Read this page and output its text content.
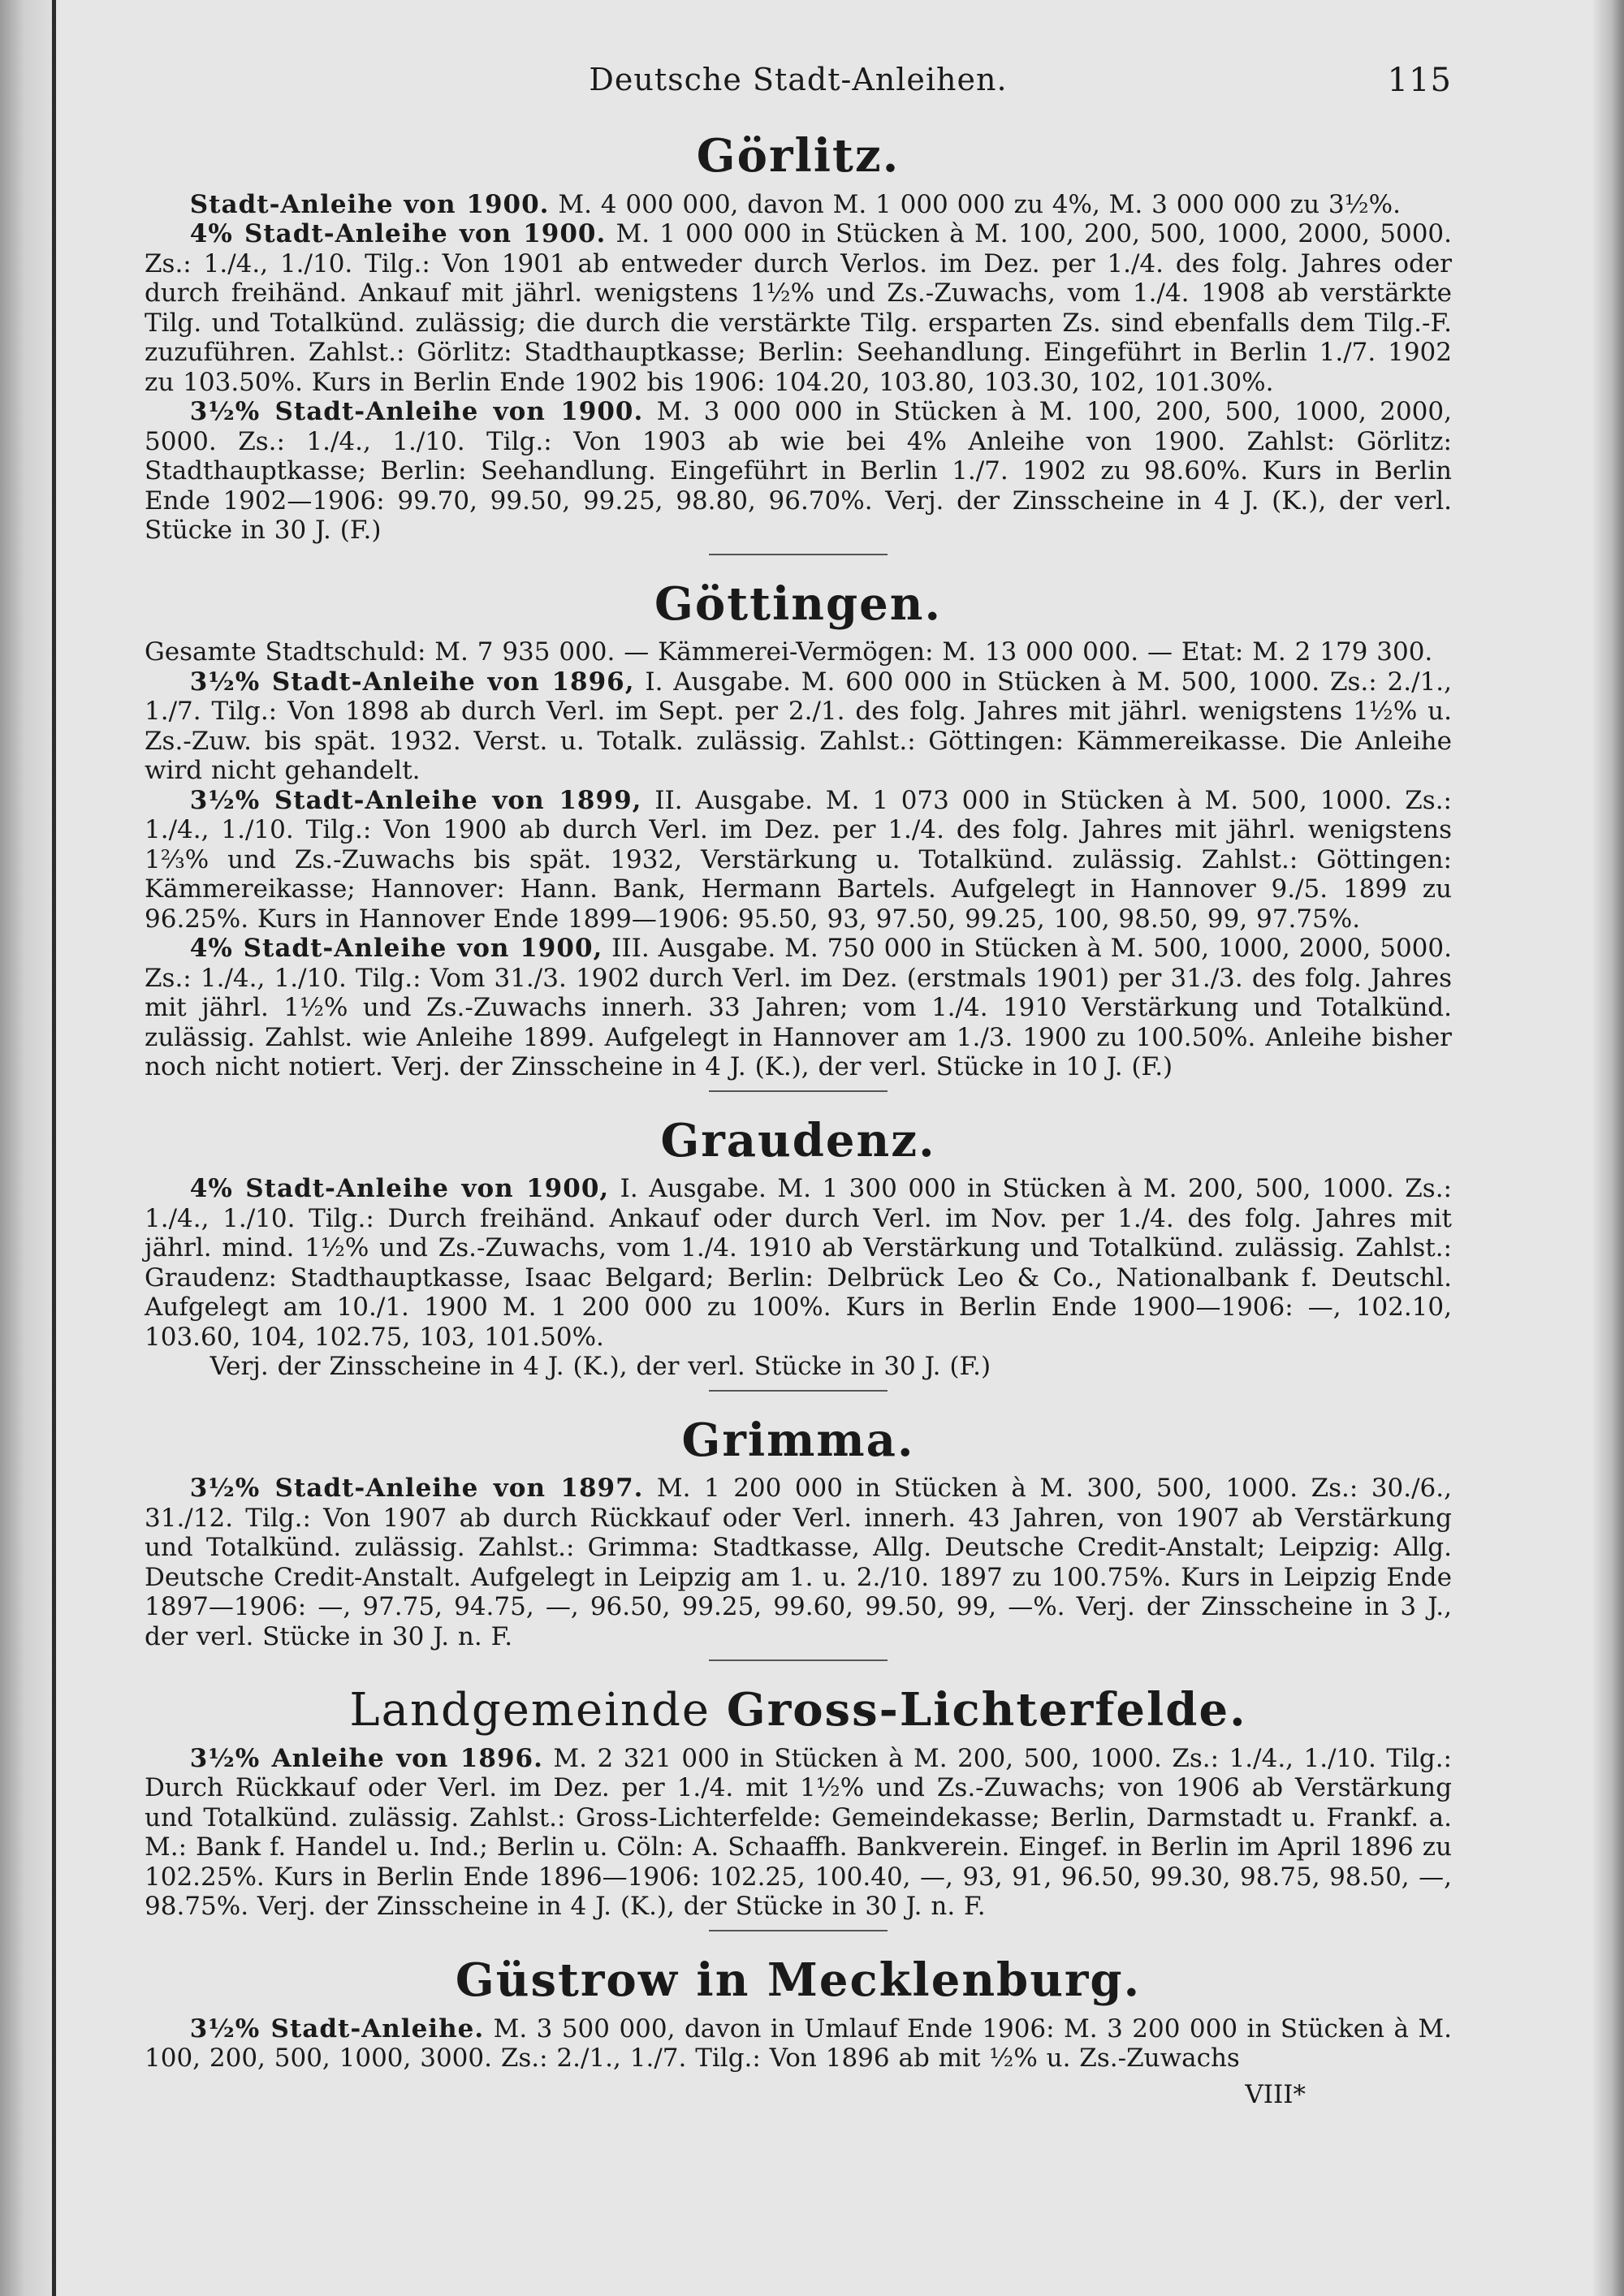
Deutsche Stadt-Anleihen.	115
Görlitz.

Stadt-Anleihe von 1900. M. 4 000 000, davon M. 1 000 000 zu 4%, M. 3 000 000 zu 3½%.

4% Stadt-Anleihe von 1900. M. 1 000 000 in Stücken à M. 100, 200, 500, 1000, 2000, 5000. Zs.: 1./4., 1./10. Tilg.: Von 1901 ab entweder durch Verlos. im Dez. per 1./4. des folg. Jahres oder durch freihänd. Ankauf mit jährl. wenigstens 1½% und Zs.-Zuwachs, vom 1./4. 1908 ab verstärkte Tilg. und Totalkünd. zulässig; die durch die verstärkte Tilg. ersparten Zs. sind ebenfalls dem Tilg.-F. zuzuführen. Zahlst.: Görlitz: Stadthauptkasse; Berlin: Seehandlung. Eingeführt in Berlin 1./7. 1902 zu 103.50%. Kurs in Berlin Ende 1902 bis 1906: 104.20, 103.80, 103.30, 102, 101.30%.

3½% Stadt-Anleihe von 1900. M. 3 000 000 in Stücken à M. 100, 200, 500, 1000, 2000, 5000. Zs.: 1./4., 1./10. Tilg.: Von 1903 ab wie bei 4% Anleihe von 1900. Zahlst: Görlitz: Stadthauptkasse; Berlin: Seehandlung. Eingeführt in Berlin 1./7. 1902 zu 98.60%. Kurs in Berlin Ende 1902—1906: 99.70, 99.50, 99.25, 98.80, 96.70%. Verj. der Zinsscheine in 4 J. (K.), der verl. Stücke in 30 J. (F.)

Göttingen.

Gesamte Stadtschuld: M. 7 935 000. — Kämmerei-Vermögen: M. 13 000 000. — Etat: M. 2 179 300.

3½% Stadt-Anleihe von 1896, I. Ausgabe. M. 600 000 in Stücken à M. 500, 1000. Zs.: 2./1., 1./7. Tilg.: Von 1898 ab durch Verl. im Sept. per 2./1. des folg. Jahres mit jährl. wenigstens 1½% u. Zs.-Zuw. bis spät. 1932. Verst. u. Totalk. zulässig. Zahlst.: Göttingen: Kämmereikasse. Die Anleihe wird nicht gehandelt.

3½% Stadt-Anleihe von 1899, II. Ausgabe. M. 1 073 000 in Stücken à M. 500, 1000. Zs.: 1./4., 1./10. Tilg.: Von 1900 ab durch Verl. im Dez. per 1./4. des folg. Jahres mit jährl. wenigstens 1⅔% und Zs.-Zuwachs bis spät. 1932, Verstärkung u. Totalkünd. zulässig. Zahlst.: Göttingen: Kämmereikasse; Hannover: Hann. Bank, Hermann Bartels. Aufgelegt in Hannover 9./5. 1899 zu 96.25%. Kurs in Hannover Ende 1899—1906: 95.50, 93, 97.50, 99.25, 100, 98.50, 99, 97.75%.

4% Stadt-Anleihe von 1900, III. Ausgabe. M. 750 000 in Stücken à M. 500, 1000, 2000, 5000. Zs.: 1./4., 1./10. Tilg.: Vom 31./3. 1902 durch Verl. im Dez. (erstmals 1901) per 31./3. des folg. Jahres mit jährl. 1½% und Zs.-Zuwachs innerh. 33 Jahren; vom 1./4. 1910 Verstärkung und Totalkünd. zulässig. Zahlst. wie Anleihe 1899. Aufgelegt in Hannover am 1./3. 1900 zu 100.50%. Anleihe bisher noch nicht notiert. Verj. der Zinsscheine in 4 J. (K.), der verl. Stücke in 10 J. (F.)

Graudenz.

4% Stadt-Anleihe von 1900, I. Ausgabe. M. 1 300 000 in Stücken à M. 200, 500, 1000. Zs.: 1./4., 1./10. Tilg.: Durch freihänd. Ankauf oder durch Verl. im Nov. per 1./4. des folg. Jahres mit jährl. mind. 1½% und Zs.-Zuwachs, vom 1./4. 1910 ab Verstärkung und Totalkünd. zulässig. Zahlst.: Graudenz: Stadthauptkasse, Isaac Belgard; Berlin: Delbrück Leo & Co., Nationalbank f. Deutschl. Aufgelegt am 10./1. 1900 M. 1 200 000 zu 100%. Kurs in Berlin Ende 1900—1906: —, 102.10, 103.60, 104, 102.75, 103, 101.50%.

Verj. der Zinsscheine in 4 J. (K.), der verl. Stücke in 30 J. (F.)

Grimma.

3½% Stadt-Anleihe von 1897. M. 1 200 000 in Stücken à M. 300, 500, 1000. Zs.: 30./6., 31./12. Tilg.: Von 1907 ab durch Rückkauf oder Verl. innerh. 43 Jahren, von 1907 ab Verstärkung und Totalkünd. zulässig. Zahlst.: Grimma: Stadtkasse, Allg. Deutsche Credit-Anstalt; Leipzig: Allg. Deutsche Credit-Anstalt. Aufgelegt in Leipzig am 1. u. 2./10. 1897 zu 100.75%. Kurs in Leipzig Ende 1897—1906: —, 97.75, 94.75, —, 96.50, 99.25, 99.60, 99.50, 99, —%. Verj. der Zinsscheine in 3 J., der verl. Stücke in 30 J. n. F.

Landgemeinde Gross-Lichterfelde.

3½% Anleihe von 1896. M. 2 321 000 in Stücken à M. 200, 500, 1000. Zs.: 1./4., 1./10. Tilg.: Durch Rückkauf oder Verl. im Dez. per 1./4. mit 1½% und Zs.-Zuwachs; von 1906 ab Verstärkung und Totalkünd. zulässig. Zahlst.: Gross-Lichterfelde: Gemeindekasse; Berlin, Darmstadt u. Frankf. a. M.: Bank f. Handel u. Ind.; Berlin u. Cöln: A. Schaaffh. Bankverein. Eingef. in Berlin im April 1896 zu 102.25%. Kurs in Berlin Ende 1896—1906: 102.25, 100.40, —, 93, 91, 96.50, 99.30, 98.75, 98.50, —, 98.75%. Verj. der Zinsscheine in 4 J. (K.), der Stücke in 30 J. n. F.

Güstrow in Mecklenburg.

3½% Stadt-Anleihe. M. 3 500 000, davon in Umlauf Ende 1906: M. 3 200 000 in Stücken à M. 100, 200, 500, 1000, 3000. Zs.: 2./1., 1./7. Tilg.: Von 1896 ab mit ½% u. Zs.-Zuwachs

VIII*
